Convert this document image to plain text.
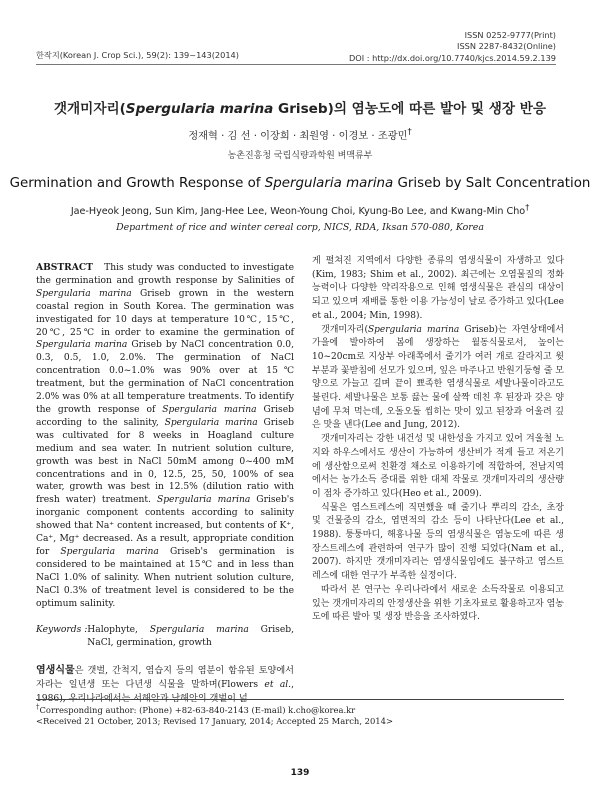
한작지(Korean J. Crop Sci.), 59(2): 139~143(2014)
ISSN 0252-9777(Print)
ISSN 2287-8432(Online)
DOI : http://dx.doi.org/10.7740/kjcs.2014.59.2.139
갯개미자리(Spergularia marina Griseb)의 염농도에 따른 발아 및 생장 반응
정재혁 · 김 선 · 이장희 · 최원영 · 이경보 · 조광민†
농촌진흥청 국립식량과학원 벼맥류부
Germination and Growth Response of Spergularia marina Griseb by Salt Concentration
Jae-Hyeok Jeong, Sun Kim, Jang-Hee Lee, Weon-Young Choi, Kyung-Bo Lee, and Kwang-Min Cho†
Department of rice and winter cereal corp, NICS, RDA, Iksan 570-080, Korea

ABSTRACT This study was conducted to investigate the germination and growth response by Salinities of Spergularia marina Griseb grown in the western coastal region in South Korea. The germination was investigated for 10 days at temperature 10℃, 15℃, 20℃, 25℃ in order to examine the germination of Spergularia marina Griseb by NaCl concentration 0.0, 0.3, 0.5, 1.0, 2.0%. The germination of NaCl concentration 0.0~1.0% was 90% over at 15℃ treatment, but the germination of NaCl concentration 2.0% was 0% at all temperature treatments. To identify the growth response of Spergularia marina Griseb according to the salinity, Spergularia marina Griseb was cultivated for 8 weeks in Hoagland culture medium and sea water. In nutrient solution culture, growth was best in NaCl 50mM among 0~400 mM concentrations and in 0, 12.5, 25, 50, 100% of sea water, growth was best in 12.5% (dilution ratio with fresh water) treatment. Spergularia marina Griseb's inorganic component contents according to salinity showed that Na⁺ content increased, but contents of K⁺, Ca⁺, Mg⁺ decreased. As a result, appropriate condition for Spergularia marina Griseb's germination is considered to be maintained at 15℃ and in less than NaCl 1.0% of salinity. When nutrient solution culture, NaCl 0.3% of treatment level is considered to be the optimum salinity.

Keywords : Halophyte, Spergularia marina Griseb, NaCl, germination, growth

염생식물은 갯벌, 간척지, 염습지 등의 염분이 함유된 토양에서 자라는 일년생 또는 다년생 식물을 말하며(Flowers et al., 1986), 우리나라에서는 서해안과 남해안의 갯벌이 넓

게 펼쳐진 지역에서 다양한 종류의 염생식물이 자생하고 있다(Kim, 1983; Shim et al., 2002). 최근에는 오염물질의 정화 능력이나 다양한 약리작용으로 인해 염생식물은 관심의 대상이 되고 있으며 재배를 통한 이용 가능성이 날로 증가하고 있다(Lee et al., 2004; Min, 1998).

갯개미자리(Spergularia marina Griseb)는 자연상태에서 가을에 발아하여 봄에 생장하는 월동식물로서, 높이는 10~20cm로 지상부 아래쪽에서 줄기가 여러 개로 갈라지고 윗부분과 꽃받침에 선모가 있으며, 잎은 마주나고 반원기둥형 줄 모양으로 가늘고 길며 끝이 뾰족한 염생식물로 세발나물이라고도 불린다. 세발나물은 보통 끓는 물에 살짝 데친 후 된장과 갖은 양념에 무쳐 먹는데, 오돌오돌 씹히는 맛이 있고 된장과 어울려 깊은 맛을 낸다(Lee and Jung, 2012).

갯개미자리는 강한 내건성 및 내한성을 가지고 있어 겨울철 노지와 하우스에서도 생산이 가능하여 생산비가 적게 들고 저온기에 생산함으로써 친환경 채소로 이용하기에 적합하여, 전남지역에서는 농가소득 증대를 위한 대체 작물로 갯개미자리의 생산량이 점차 증가하고 있다(Heo et al., 2009).

식물은 염스트레스에 직면했을 때 줄기나 뿌리의 감소, 초장 및 건물중의 감소, 엽면적의 감소 등이 나타난다(Lee et al., 1988). 퉁퉁마디, 해홍나물 등의 염생식물은 염농도에 따른 생장스트레스에 관련하여 연구가 많이 진행 되었다(Nam et al., 2007). 하지만 갯개미자리는 염생식물임에도 불구하고 염스트레스에 대한 연구가 부족한 실정이다.

따라서 본 연구는 우리나라에서 새로운 소득작물로 이용되고 있는 갯개미자리의 안정생산을 위한 기초자료로 활용하고자 염농도에 따른 발아 및 생장 반응을 조사하였다.

†Corresponding author: (Phone) +82-63-840-2143 (E-mail) k.cho@korea.kr
<Received 21 October, 2013; Revised 17 January, 2014; Accepted 25 March, 2014>
139
